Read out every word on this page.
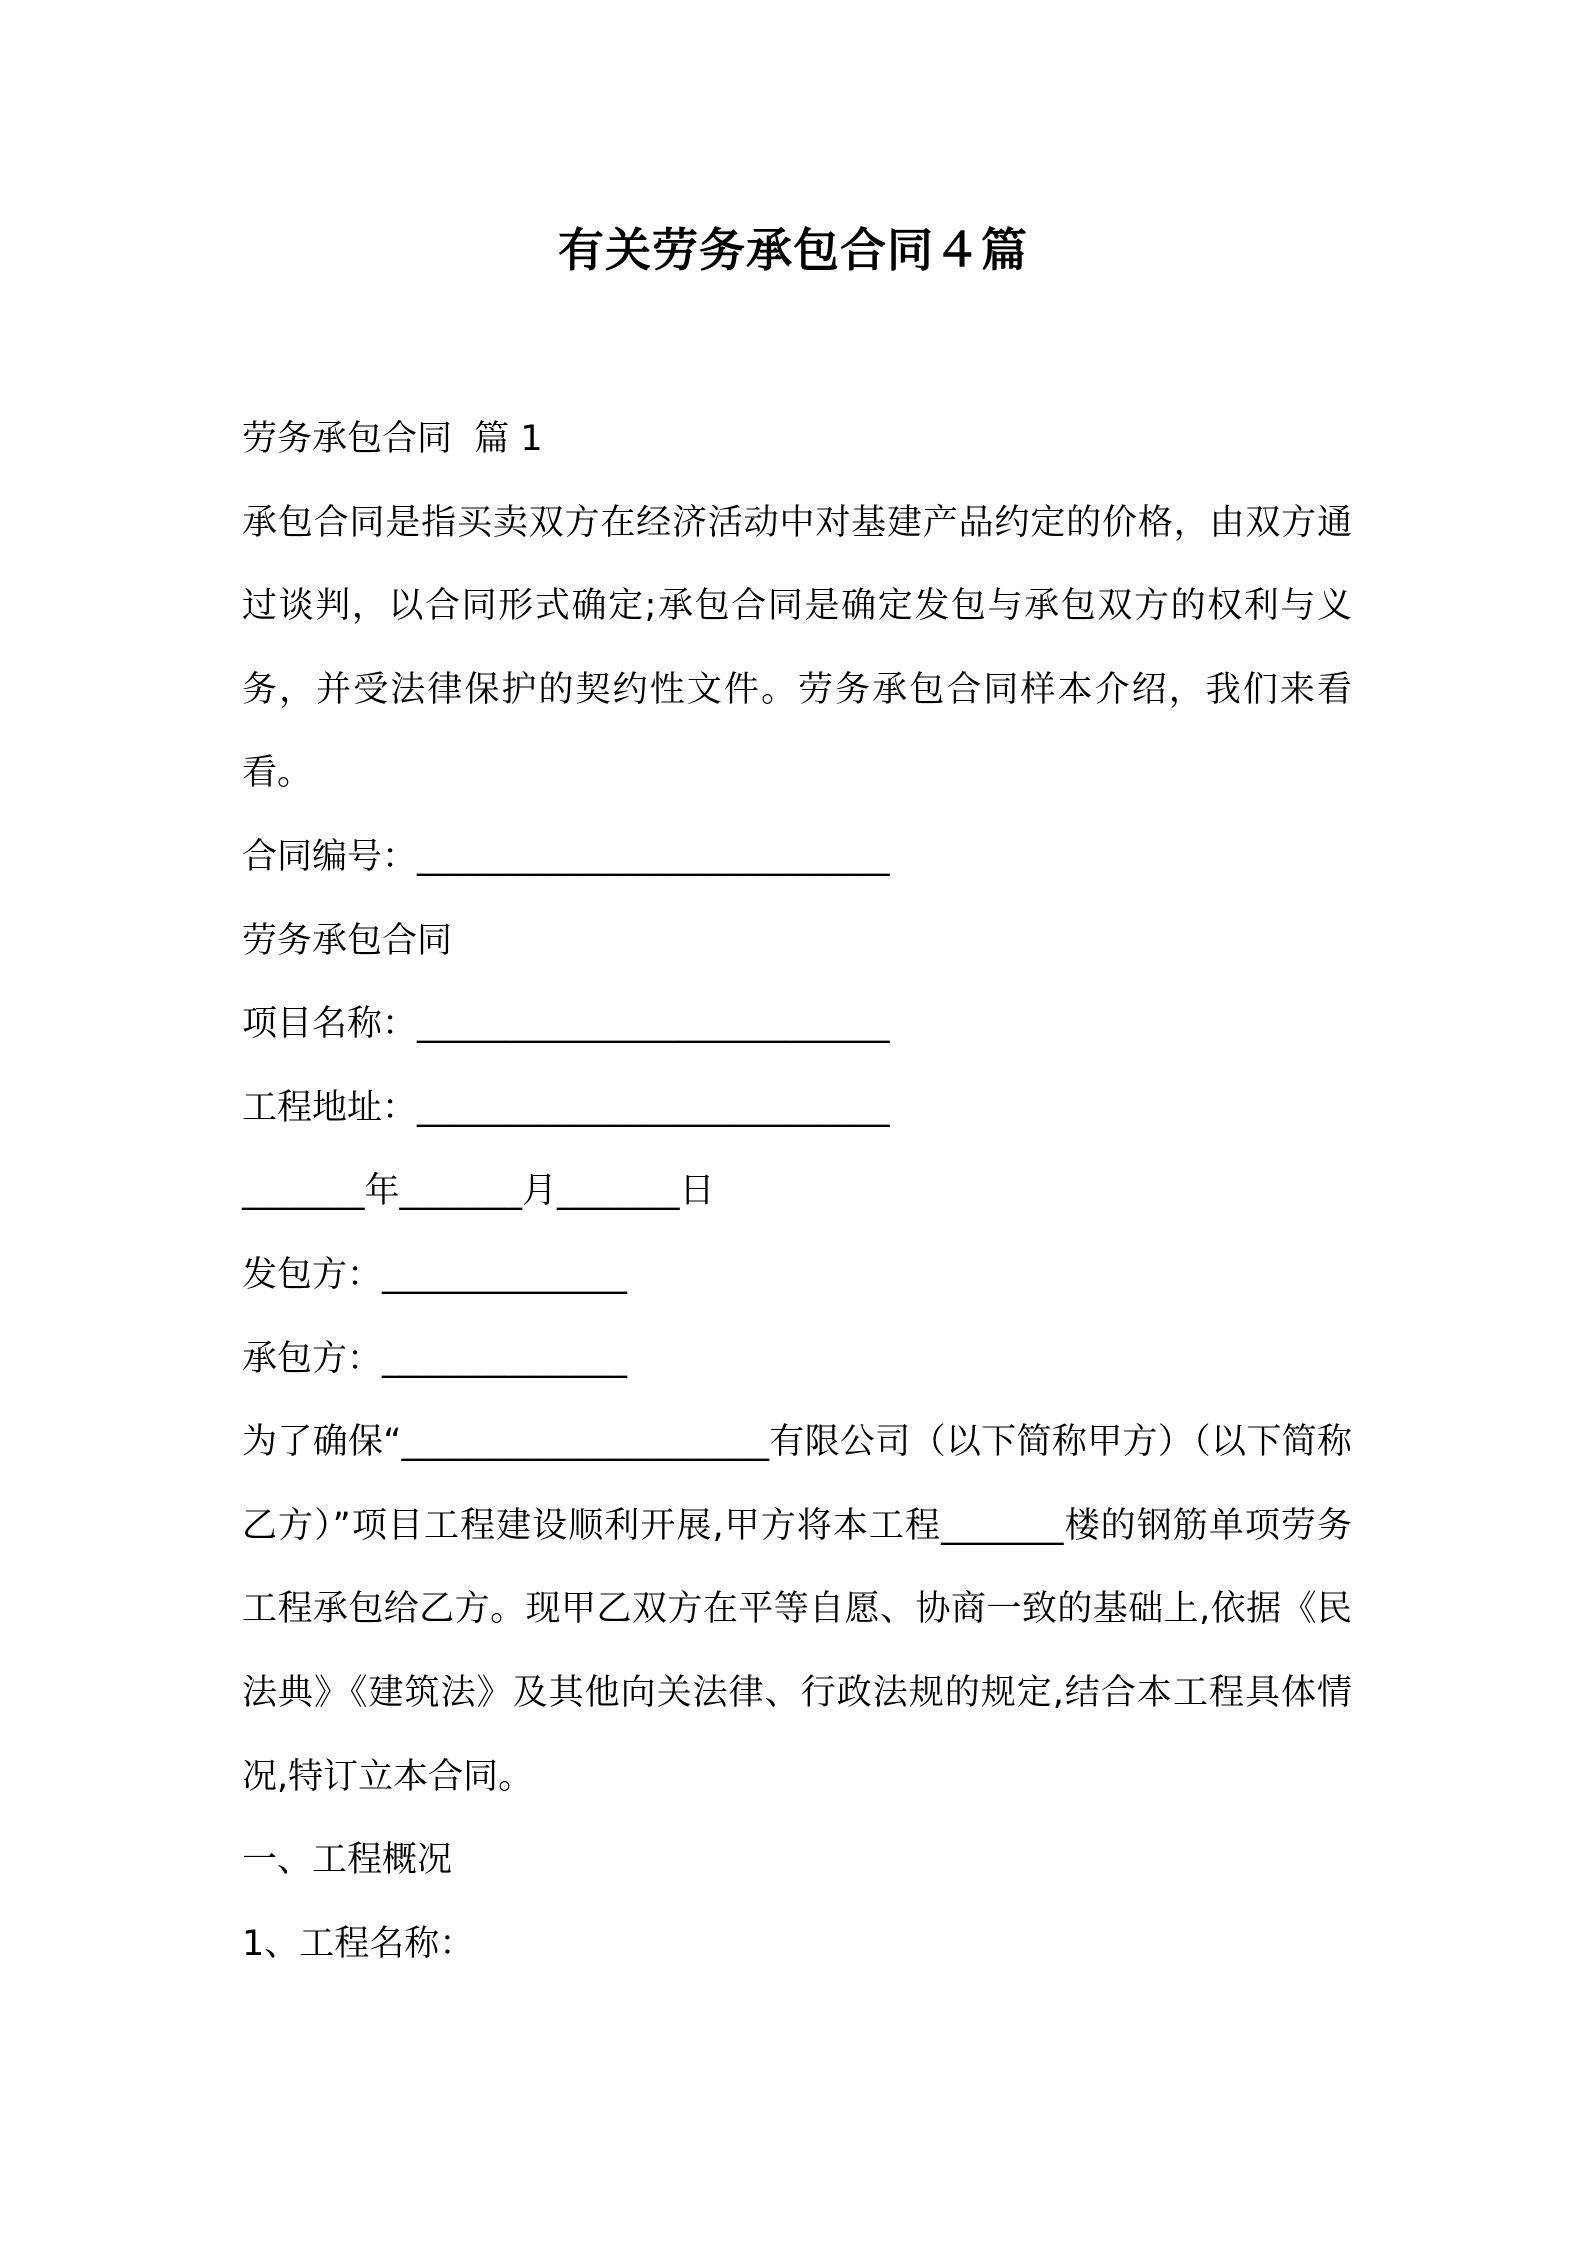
有关劳务承包合同４篇

劳务承包合同  篇 1

承包合同是指买卖双方在经济活动中对基建产品约定的价格，由双方通过谈判，以合同形式确定;承包合同是确定发包与承包双方的权利与义务，并受法律保护的契约性文件。劳务承包合同样本介绍，我们来看看。

合同编号：___________________________

劳务承包合同

项目名称：___________________________

工程地址：___________________________

_______年_______月_______日

发包方：______________

承包方：______________

为了确保“_____________________有限公司（以下简称甲方）（以下简称乙方）”项目工程建设顺利开展,甲方将本工程_______楼的钢筋单项劳务工程承包给乙方。现甲乙双方在平等自愿、协商一致的基础上,依据《民法典》《建筑法》及其他向关法律、行政法规的规定,结合本工程具体情况,特订立本合同。

一、工程概况

1、工程名称：
